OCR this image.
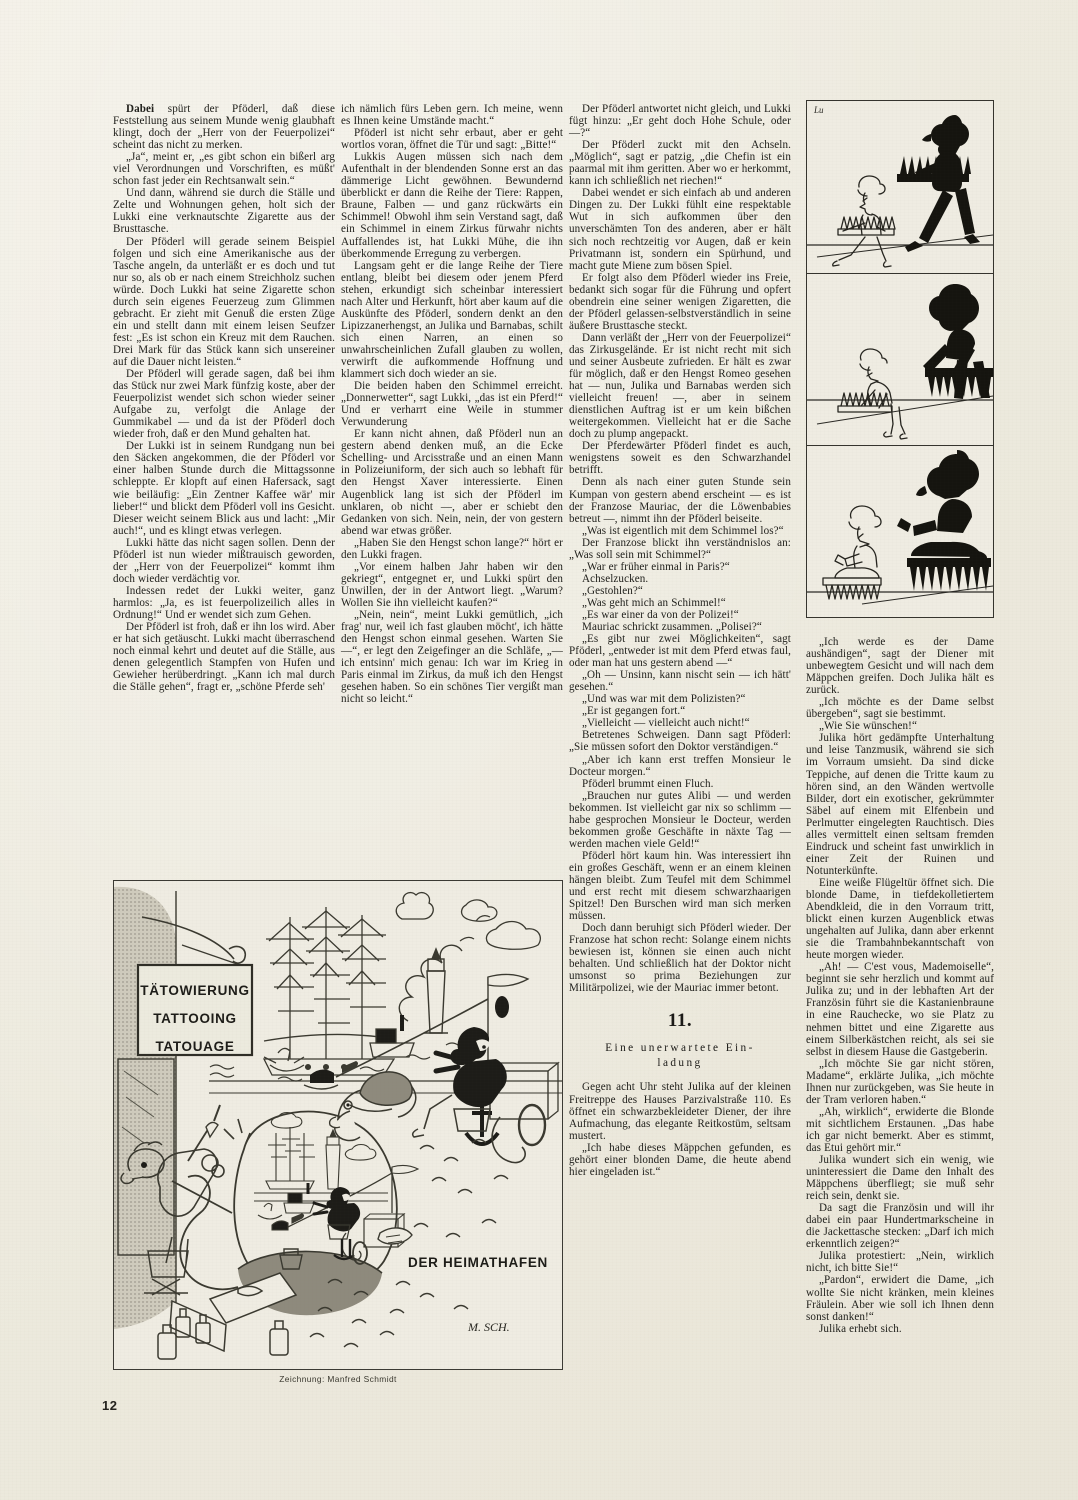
Dabei spürt der Pföderl, daß diese Feststellung aus seinem Munde wenig glaubhaft klingt, doch der „Herr von der Feuerpolizei“ scheint das nicht zu merken.

„Ja“, meint er, „es gibt schon ein bißerl arg viel Verordnungen und Vorschriften, es müßt' schon fast jeder ein Rechtsanwalt sein.“

Und dann, während sie durch die Ställe und Zelte und Wohnungen gehen, holt sich der Lukki eine verknautschte Zigarette aus der Brusttasche.

Der Pföderl will gerade seinem Beispiel folgen und sich eine Amerikanische aus der Tasche angeln, da unterläßt er es doch und tut nur so, als ob er nach einem Streichholz suchen würde. Doch Lukki hat seine Zigarette schon durch sein eigenes Feuerzeug zum Glimmen gebracht. Er zieht mit Genuß die ersten Züge ein und stellt dann mit einem leisen Seufzer fest: „Es ist schon ein Kreuz mit dem Rauchen. Drei Mark für das Stück kann sich unsereiner auf die Dauer nicht leisten.“

Der Pföderl will gerade sagen, daß bei ihm das Stück nur zwei Mark fünfzig koste, aber der Feuerpolizist wendet sich schon wieder seiner Aufgabe zu, verfolgt die Anlage der Gummikabel — und da ist der Pföderl doch wieder froh, daß er den Mund gehalten hat.

Der Lukki ist in seinem Rundgang nun bei den Säcken angekommen, die der Pföderl vor einer halben Stunde durch die Mittagssonne schleppte. Er klopft auf einen Hafersack, sagt wie beiläufig: „Ein Zentner Kaffee wär' mir lieber!“ und blickt dem Pföderl voll ins Gesicht. Dieser weicht seinem Blick aus und lacht: „Mir auch!“, und es klingt etwas verlegen.

Lukki hätte das nicht sagen sollen. Denn der Pföderl ist nun wieder mißtrauisch geworden, der „Herr von der Feuerpolizei“ kommt ihm doch wieder verdächtig vor.

Indessen redet der Lukki weiter, ganz harmlos: „Ja, es ist feuerpolizeilich alles in Ordnung!“ Und er wendet sich zum Gehen.

Der Pföderl ist froh, daß er ihn los wird. Aber er hat sich getäuscht. Lukki macht überraschend noch einmal kehrt und deutet auf die Ställe, aus denen gelegentlich Stampfen von Hufen und Gewieher herüberdringt. „Kann ich mal durch die Ställe gehen“, fragt er, „schöne Pferde seh'

ich nämlich fürs Leben gern. Ich meine, wenn es Ihnen keine Umstände macht.“

Pföderl ist nicht sehr erbaut, aber er geht wortlos voran, öffnet die Tür und sagt: „Bitte!“

Lukkis Augen müssen sich nach dem Aufenthalt in der blendenden Sonne erst an das dämmerige Licht gewöhnen. Bewundernd überblickt er dann die Reihe der Tiere: Rappen, Braune, Falben — und ganz rückwärts ein Schimmel! Obwohl ihm sein Verstand sagt, daß ein Schimmel in einem Zirkus fürwahr nichts Auffallendes ist, hat Lukki Mühe, die ihn überkommende Erregung zu verbergen.

Langsam geht er die lange Reihe der Tiere entlang, bleibt bei diesem oder jenem Pferd stehen, erkundigt sich scheinbar interessiert nach Alter und Herkunft, hört aber kaum auf die Auskünfte des Pföderl, sondern denkt an den Lipizzanerhengst, an Julika und Barnabas, schilt sich einen Narren, an einen so unwahrscheinlichen Zufall glauben zu wollen, verwirft die aufkommende Hoffnung und klammert sich doch wieder an sie.

Die beiden haben den Schimmel erreicht. „Donnerwetter“, sagt Lukki, „das ist ein Pferd!“ Und er verharrt eine Weile in stummer Verwunderung

Er kann nicht ahnen, daß Pföderl nun an gestern abend denken muß, an die Ecke Schelling- und Arcisstraße und an einen Mann in Polizeiuniform, der sich auch so lebhaft für den Hengst Xaver interessierte. Einen Augenblick lang ist sich der Pföderl im unklaren, ob nicht —, aber er schiebt den Gedanken von sich. Nein, nein, der von gestern abend war etwas größer.

„Haben Sie den Hengst schon lange?“ hört er den Lukki fragen.

„Vor einem halben Jahr haben wir den gekriegt“, entgegnet er, und Lukki spürt den Unwillen, der in der Antwort liegt. „Warum? Wollen Sie ihn vielleicht kaufen?“

„Nein, nein“, meint Lukki gemütlich, „ich frag' nur, weil ich fast glauben möcht', ich hätte den Hengst schon einmal gesehen. Warten Sie —“, er legt den Zeigefinger an die Schläfe, „— ich entsinn' mich genau: Ich war im Krieg in Paris einmal im Zirkus, da muß ich den Hengst gesehen haben. So ein schönes Tier vergißt man nicht so leicht.“

Der Pföderl antwortet nicht gleich, und Lukki fügt hinzu: „Er geht doch Hohe Schule, oder —?“

Der Pföderl zuckt mit den Achseln. „Möglich“, sagt er patzig, „die Chefin ist ein paarmal mit ihm geritten. Aber wo er herkommt, kann ich schließlich net riechen!“

Dabei wendet er sich einfach ab und anderen Dingen zu. Der Lukki fühlt eine respektable Wut in sich aufkommen über den unverschämten Ton des anderen, aber er hält sich noch rechtzeitig vor Augen, daß er kein Privatmann ist, sondern ein Spürhund, und macht gute Miene zum bösen Spiel.

Er folgt also dem Pföderl wieder ins Freie, bedankt sich sogar für die Führung und opfert obendrein eine seiner wenigen Zigaretten, die der Pföderl gelassen-selbstverständlich in seine äußere Brusttasche steckt.

Dann verläßt der „Herr von der Feuerpolizei“ das Zirkusgelände. Er ist nicht recht mit sich und seiner Ausbeute zufrieden. Er hält es zwar für möglich, daß er den Hengst Romeo gesehen hat — nun, Julika und Barnabas werden sich vielleicht freuen! —, aber in seinem dienstlichen Auftrag ist er um kein bißchen weitergekommen. Vielleicht hat er die Sache doch zu plump angepackt.

Der Pferdewärter Pföderl findet es auch, wenigstens soweit es den Schwarzhandel betrifft.

Denn als nach einer guten Stunde sein Kumpan von gestern abend erscheint — es ist der Franzose Mauriac, der die Löwenbabies betreut —, nimmt ihn der Pföderl beiseite.

„Was ist eigentlich mit dem Schimmel los?“

Der Franzose blickt ihn verständnislos an: „Was soll sein mit Schimmel?“

„War er früher einmal in Paris?“

Achselzucken.

„Gestohlen?“

„Was geht mich an Schimmel!“

„Es war einer da von der Polizei!“

Mauriac schrickt zusammen. „Polisei?“

„Es gibt nur zwei Möglichkeiten“, sagt Pföderl, „entweder ist mit dem Pferd etwas faul, oder man hat uns gestern abend —“

„Oh — Unsinn, kann nischt sein — ich hätt' gesehen.“

„Und was war mit dem Polizisten?“

„Er ist gegangen fort.“

„Vielleicht — vielleicht auch nicht!“

Betretenes Schweigen. Dann sagt Pföderl: „Sie müssen sofort den Doktor verständigen.“

„Aber ich kann erst treffen Monsieur le Docteur morgen.“

Pföderl brummt einen Fluch.

„Brauchen nur gutes Alibi — und werden bekommen. Ist vielleicht gar nix so schlimm — habe gesprochen Monsieur le Docteur, werden bekommen große Geschäfte in näxte Tag — werden machen viele Geld!“

Pföderl hört kaum hin. Was interessiert ihn ein großes Geschäft, wenn er an einem kleinen hängen bleibt. Zum Teufel mit dem Schimmel und erst recht mit diesem schwarzhaarigen Spitzel! Den Burschen wird man sich merken müssen.

Doch dann beruhigt sich Pföderl wieder. Der Franzose hat schon recht: Solange einem nichts bewiesen ist, können sie einen auch nicht behalten. Und schließlich hat der Doktor nicht umsonst so prima Beziehungen zur Militärpolizei, wie der Mauriac immer betont.

11.
Eine unerwartete Ein-
ladung

Gegen acht Uhr steht Julika auf der kleinen Freitreppe des Hauses Parzivalstraße 110. Es öffnet ein schwarzbekleideter Diener, der ihre Aufmachung, das elegante Reitkostüm, seltsam mustert.

„Ich habe dieses Mäppchen gefunden, es gehört einer blonden Dame, die heute abend hier eingeladen ist.“

„Ich werde es der Dame aushändigen“, sagt der Diener mit unbewegtem Gesicht und will nach dem Mäppchen greifen. Doch Julika hält es zurück.

„Ich möchte es der Dame selbst übergeben“, sagt sie bestimmt.

„Wie Sie wünschen!“

Julika hört gedämpfte Unterhaltung und leise Tanzmusik, während sie sich im Vorraum umsieht. Da sind dicke Teppiche, auf denen die Tritte kaum zu hören sind, an den Wänden wertvolle Bilder, dort ein exotischer, gekrümmter Säbel auf einem mit Elfenbein und Perlmutter eingelegten Rauchtisch. Dies alles vermittelt einen seltsam fremden Eindruck und scheint fast unwirklich in einer Zeit der Ruinen und Notunterkünfte.

Eine weiße Flügeltür öffnet sich. Die blonde Dame, in tiefdekolletiertem Abendkleid, die in den Vorraum tritt, blickt einen kurzen Augenblick etwas ungehalten auf Julika, dann aber erkennt sie die Trambahnbekanntschaft von heute morgen wieder.

„Ah! — C'est vous, Mademoiselle“, beginnt sie sehr herzlich und kommt auf Julika zu; und in der lebhaften Art der Französin führt sie die Kastanienbraune in eine Rauchecke, wo sie Platz zu nehmen bittet und eine Zigarette aus einem Silberkästchen reicht, als sei sie selbst in diesem Hause die Gastgeberin.

„Ich möchte Sie gar nicht stören, Madame“, erklärte Julika, „ich möchte Ihnen nur zurückgeben, was Sie heute in der Tram verloren haben.“

„Ah, wirklich“, erwiderte die Blonde mit sichtlichem Erstaunen. „Das habe ich gar nicht bemerkt. Aber es stimmt, das Etui gehört mir.“

Julika wundert sich ein wenig, wie uninteressiert die Dame den Inhalt des Mäppchens überfliegt; sie muß sehr reich sein, denkt sie.

Da sagt die Französin und will ihr dabei ein paar Hundertmarkscheine in die Jackettasche stecken: „Darf ich mich erkenntlich zeigen?“

Julika protestiert: „Nein, wirklich nicht, ich bitte Sie!“

„Pardon“, erwidert die Dame, „ich wollte Sie nicht kränken, mein kleines Fräulein. Aber wie soll ich Ihnen denn sonst danken!“

Julika erhebt sich.

Lu
TÄTOWIERUNG
TATTOOING
TATOUAGE
DER HEIMATHAFEN
M. SCH.
Zeichnung: Manfred Schmidt
12
